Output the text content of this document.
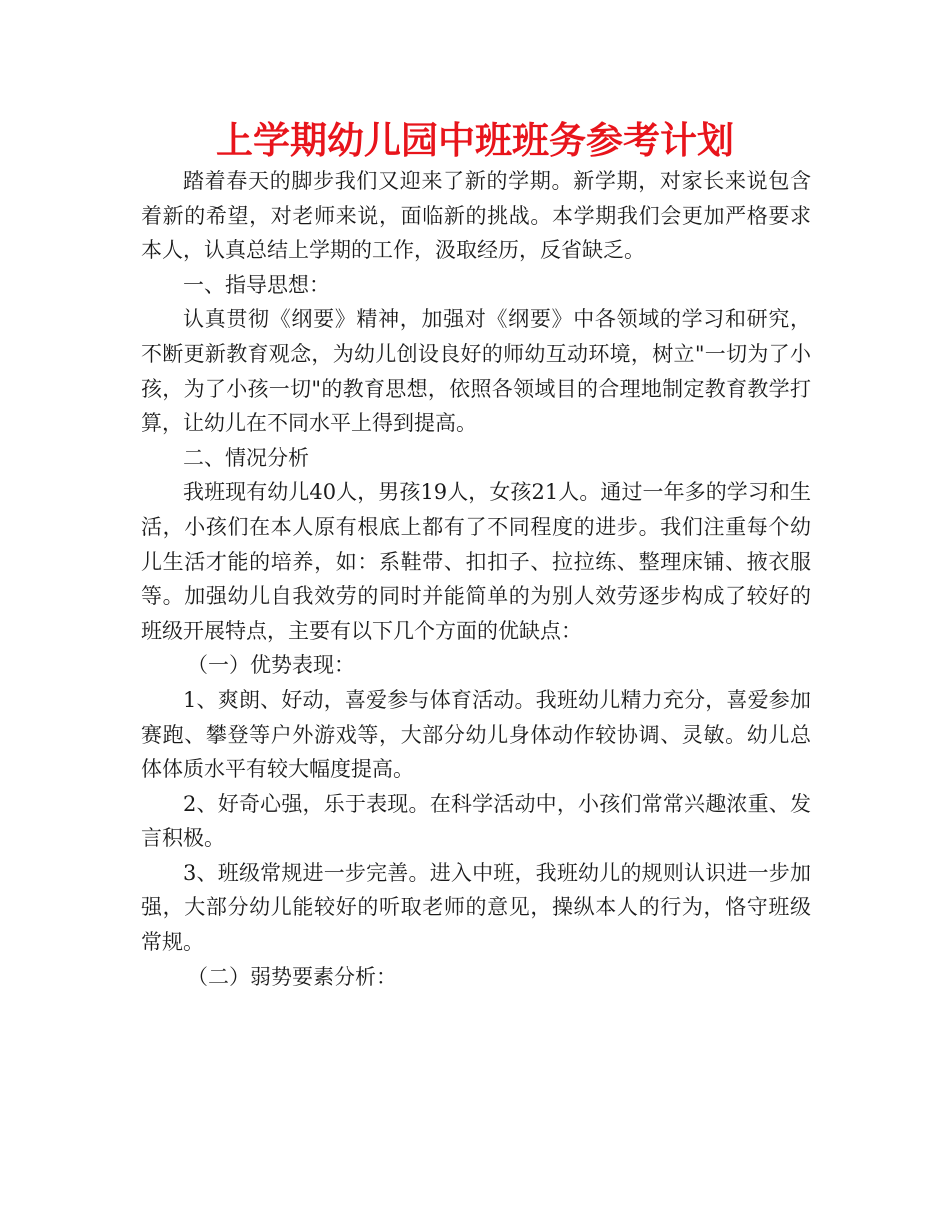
上学期幼儿园中班班务参考计划

踏着春天的脚步我们又迎来了新的学期。新学期，对家长来说包含着新的希望，对老师来说，面临新的挑战。本学期我们会更加严格要求本人，认真总结上学期的工作，汲取经历，反省缺乏。

一、指导思想：

认真贯彻《纲要》精神，加强对《纲要》中各领域的学习和研究，不断更新教育观念，为幼儿创设良好的师幼互动环境，树立"一切为了小孩，为了小孩一切"的教育思想，依照各领域目的合理地制定教育教学打算，让幼儿在不同水平上得到提高。

二、情况分析

我班现有幼儿40人，男孩19人，女孩21人。通过一年多的学习和生活，小孩们在本人原有根底上都有了不同程度的进步。我们注重每个幼儿生活才能的培养，如：系鞋带、扣扣子、拉拉练、整理床铺、掖衣服等。加强幼儿自我效劳的同时并能简单的为别人效劳逐步构成了较好的班级开展特点，主要有以下几个方面的优缺点：

（一）优势表现：

1、爽朗、好动，喜爱参与体育活动。我班幼儿精力充分，喜爱参加赛跑、攀登等户外游戏等，大部分幼儿身体动作较协调、灵敏。幼儿总体体质水平有较大幅度提高。

2、好奇心强，乐于表现。在科学活动中，小孩们常常兴趣浓重、发言积极。

3、班级常规进一步完善。进入中班，我班幼儿的规则认识进一步加强，大部分幼儿能较好的听取老师的意见，操纵本人的行为，恪守班级常规。

（二）弱势要素分析：
